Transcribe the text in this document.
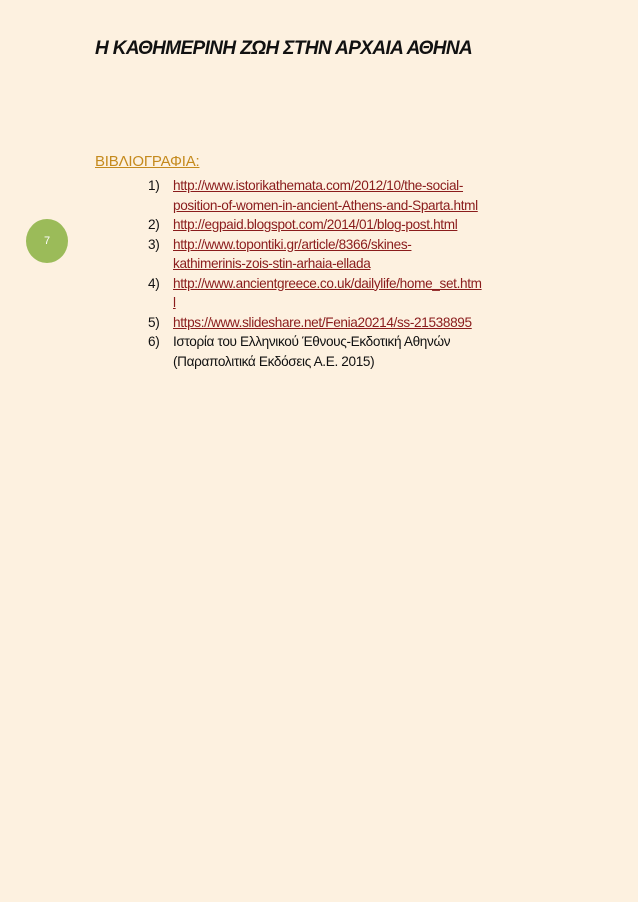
Η ΚΑΘΗΜΕΡΙΝΗ ΖΩΗ ΣΤΗΝ ΑΡΧΑΙΑ ΑΘΗΝΑ
7
ΒΙΒΛΙΟΓΡΑΦΙΑ:
1)	http://www.istorikathemata.com/2012/10/the-social-
position-of-women-in-ancient-Athens-and-Sparta.html
2)	http://egpaid.blogspot.com/2014/01/blog-post.html
3)	http://www.topontiki.gr/article/8366/skines-
kathimerinis-zois-stin-arhaia-ellada
4)	http://www.ancientgreece.co.uk/dailylife/home_set.htm
l
5)	https://www.slideshare.net/Fenia20214/ss-21538895
6)	Ιστορία του Ελληνικού Έθνους-Εκδοτική Αθηνών
(Παραπολιτικά Εκδόσεις Α.Ε. 2015)
